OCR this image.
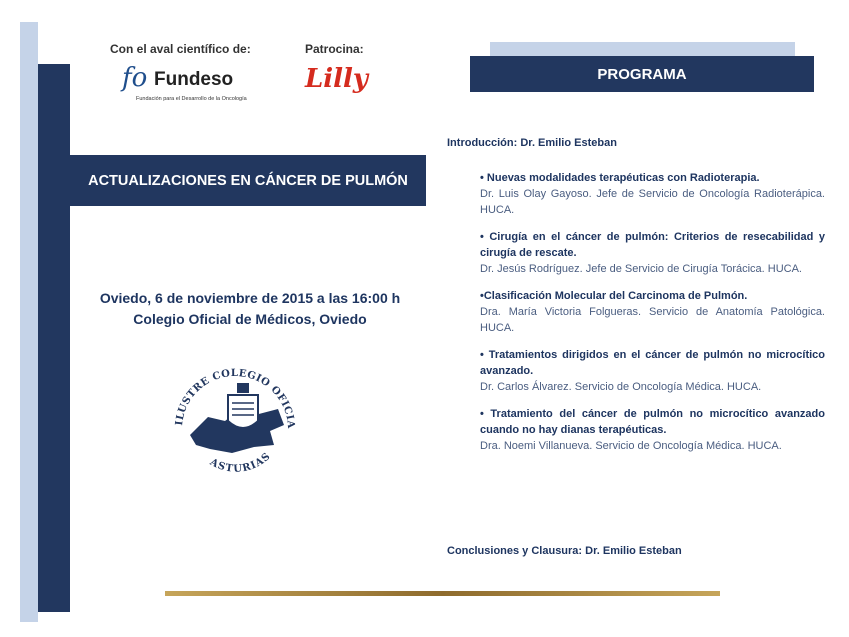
Con el aval científico de:	Patrocina:
fo Fundeso
Fundación para el Desarrollo de la Oncología
Lilly	PROGRAMA
ACTUALIZACIONES EN CÁNCER DE PULMÓN
Oviedo, 6 de noviembre de 2015 a las 16:00 h
Colegio Oficial de Médicos, Oviedo
ILUSTRE COLEGIO OFICIA
ASTURIAS
Introducción: Dr. Emilio Esteban
• Nuevas modalidades terapéuticas con Radioterapia.
Dr. Luis Olay Gayoso. Jefe de Servicio de Oncología Radioterápica. HUCA.
• Cirugía en el cáncer de pulmón: Criterios de resecabilidad y cirugía de rescate.
Dr. Jesús Rodríguez. Jefe de Servicio de Cirugía Torácica. HUCA.
•Clasificación Molecular del Carcinoma de Pulmón.
Dra. María Victoria Folgueras. Servicio de Anatomía Patológica. HUCA.
• Tratamientos dirigidos en el cáncer de pulmón no microcítico avanzado.
Dr. Carlos Álvarez. Servicio de Oncología Médica. HUCA.
• Tratamiento del cáncer de pulmón no microcítico avanzado cuando no hay dianas terapéuticas.
Dra. Noemi Villanueva. Servicio de Oncología Médica. HUCA.
Conclusiones y Clausura: Dr. Emilio Esteban
